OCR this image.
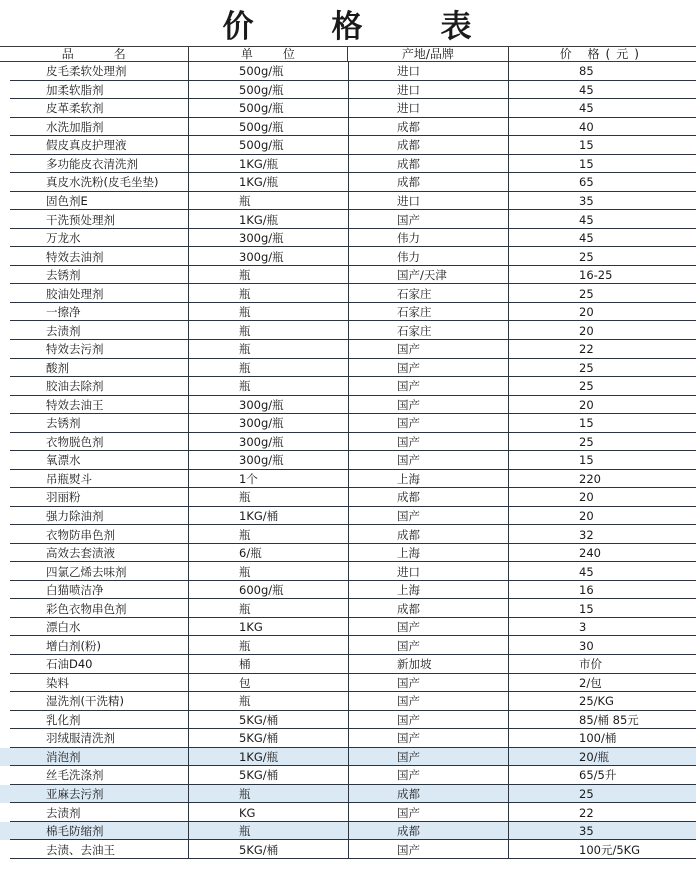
价 格 表
品名	单位	产地/品牌	价 格(元)
皮毛柔软处理剂	500g/瓶	进口	85
加柔软脂剂	500g/瓶	进口	45
皮革柔软剂	500g/瓶	进口	45
水洗加脂剂	500g/瓶	成都	40
假皮真皮护理液	500g/瓶	成都	15
多功能皮衣清洗剂	1KG/瓶	成都	15
真皮水洗粉(皮毛坐垫)	1KG/瓶	成都	65
固色剂E	瓶	进口	35
干洗预处理剂	1KG/瓶	国产	45
万龙水	300g/瓶	伟力	45
特效去油剂	300g/瓶	伟力	25
去锈剂	瓶	国产/天津	16-25
胶油处理剂	瓶	石家庄	25
一擦净	瓶	石家庄	20
去渍剂	瓶	石家庄	20
特效去污剂	瓶	国产	22
酸剂	瓶	国产	25
胶油去除剂	瓶	国产	25
特效去油王	300g/瓶	国产	20
去锈剂	300g/瓶	国产	15
衣物脱色剂	300g/瓶	国产	25
氧漂水	300g/瓶	国产	15
吊瓶熨斗	1个	上海	220
羽丽粉	瓶	成都	20
强力除油剂	1KG/桶	国产	20
衣物防串色剂	瓶	成都	32
高效去套渍液	6/瓶	上海	240
四氯乙烯去味剂	瓶	进口	45
白猫喷洁净	600g/瓶	上海	16
彩色衣物串色剂	瓶	成都	15
漂白水	1KG	国产	3
增白剂(粉)	瓶	国产	30
石油D40	桶	新加坡	市价
染料	包	国产	2/包
湿洗剂(干洗精)	瓶	国产	25/KG
乳化剂	5KG/桶	国产	85/桶 85元
羽绒服清洗剂	5KG/桶	国产	100/桶
消泡剂	1KG/瓶	国产	20/瓶
丝毛洗涤剂	5KG/桶	国产	65/5升
亚麻去污剂	瓶	成都	25
去渍剂	KG	国产	22
棉毛防缩剂	瓶	成都	35
去渍、去油王	5KG/桶	国产	100元/5KG
